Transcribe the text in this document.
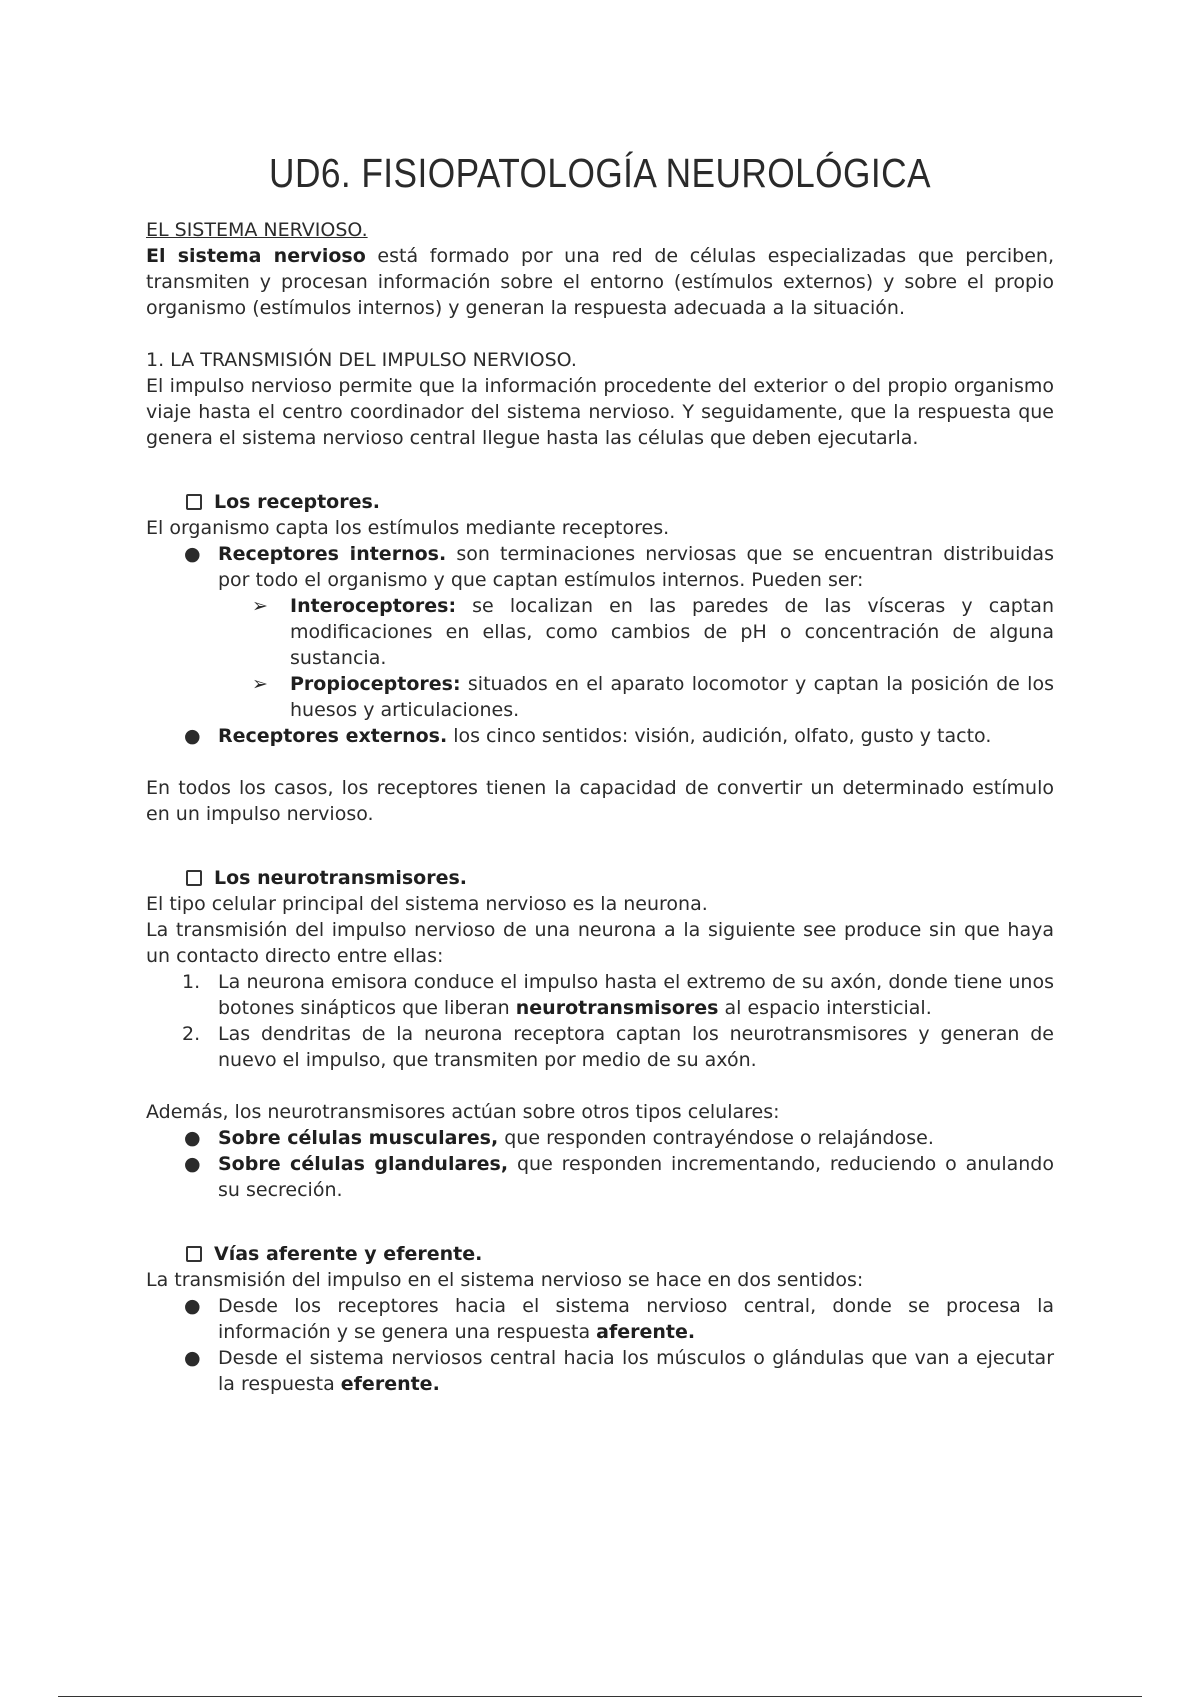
UD6. FISIOPATOLOGÍA NEUROLÓGICA

EL SISTEMA NERVIOSO.

El sistema nervioso está formado por una red de células especializadas que perciben, transmiten y procesan información sobre el entorno (estímulos externos) y sobre el propio organismo (estímulos internos) y generan la respuesta adecuada a la situación.

1. LA TRANSMISIÓN DEL IMPULSO NERVIOSO.

El impulso nervioso permite que la información procedente del exterior o del propio organismo viaje hasta el centro coordinador del sistema nervioso. Y seguidamente, que la respuesta que genera el sistema nervioso central llegue hasta las células que deben ejecutarla.

Los receptores.

El organismo capta los estímulos mediante receptores.

● Receptores internos. son terminaciones nerviosas que se encuentran distribuidas por todo el organismo y que captan estímulos internos. Pueden ser:
➢	Interoceptores: se localizan en las paredes de las vísceras y captan modificaciones en ellas, como cambios de pH o concentración de alguna sustancia.
➢	Propioceptores: situados en el aparato locomotor y captan la posición de los huesos y articulaciones.
● Receptores externos. los cinco sentidos: visión, audición, olfato, gusto y tacto.

En todos los casos, los receptores tienen la capacidad de convertir un determinado estímulo en un impulso nervioso.

Los neurotransmisores.

El tipo celular principal del sistema nervioso es la neurona.

La transmisión del impulso nervioso de una neurona a la siguiente see produce sin que haya un contacto directo entre ellas:

1. La neurona emisora conduce el impulso hasta el extremo de su axón, donde tiene unos botones sinápticos que liberan neurotransmisores al espacio intersticial.
2. Las dendritas de la neurona receptora captan los neurotransmisores y generan de nuevo el impulso, que transmiten por medio de su axón.

Además, los neurotransmisores actúan sobre otros tipos celulares:

● Sobre células musculares, que responden contrayéndose o relajándose.
● Sobre células glandulares, que responden incrementando, reduciendo o anulando su secreción.
Vías aferente y eferente.

La transmisión del impulso en el sistema nervioso se hace en dos sentidos:

● Desde los receptores hacia el sistema nervioso central, donde se procesa la información y se genera una respuesta aferente.
● Desde el sistema nerviosos central hacia los músculos o glándulas que van a ejecutar la respuesta eferente.
